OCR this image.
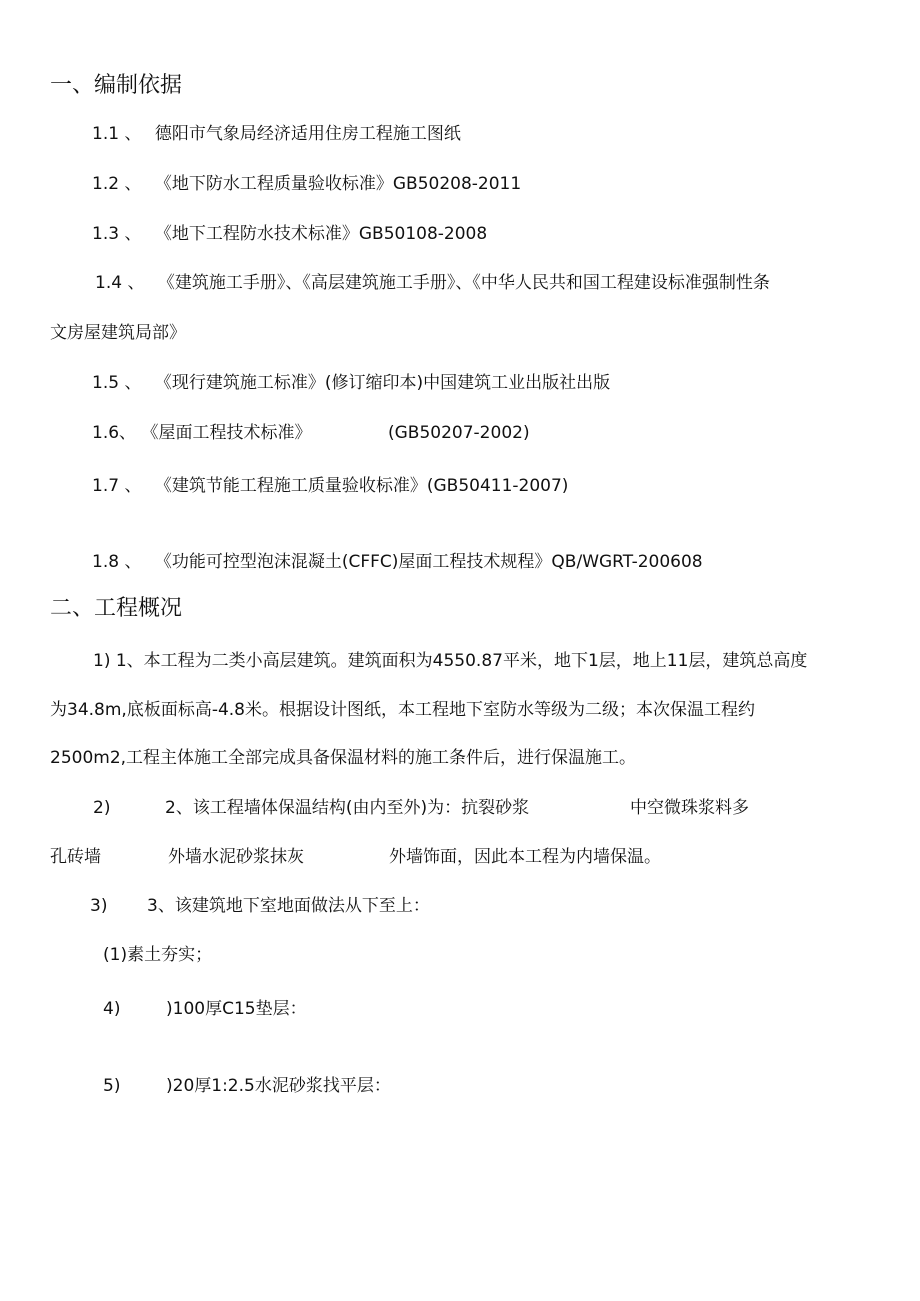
一、编制依据
1.1 、 德阳市气象局经济适用住房工程施工图纸
1.2 、 《地下防水工程质量验收标准》GB50208-2011
1.3 、 《地下工程防水技术标准》GB50108-2008
1.4 、 《建筑施工手册》、《高层建筑施工手册》、《中华人民共和国工程建设标准强制性条
文房屋建筑局部》
1.5 、 《现行建筑施工标准》(修订缩印本)中国建筑工业出版社出版
1.6、 《屋面工程技术标准》	(GB50207-2002)
1.7 、 《建筑节能工程施工质量验收标准》(GB50411-2007)
1.8 、 《功能可控型泡沫混凝土(CFFC)屋面工程技术规程》QB/WGRT-200608
二、工程概况
1) 1、本工程为二类小高层建筑。建筑面积为4550.87平米，地下1层，地上11层，建筑总高度
为34.8m,底板面标高-4.8米。根据设计图纸，本工程地下室防水等级为二级；本次保温工程约
2500m2,工程主体施工全部完成具备保温材料的施工条件后，进行保温施工。
2)	2、该工程墙体保温结构(由内至外)为：抗裂砂浆	中空微珠浆料多
孔砖墙	外墙水泥砂浆抹灰	外墙饰面，因此本工程为内墙保温。
3) 3、该建筑地下室地面做法从下至上：
(1)素土夯实；
4)	)100厚C15垫层：
5)	)20厚1:2.5水泥砂浆找平层：
